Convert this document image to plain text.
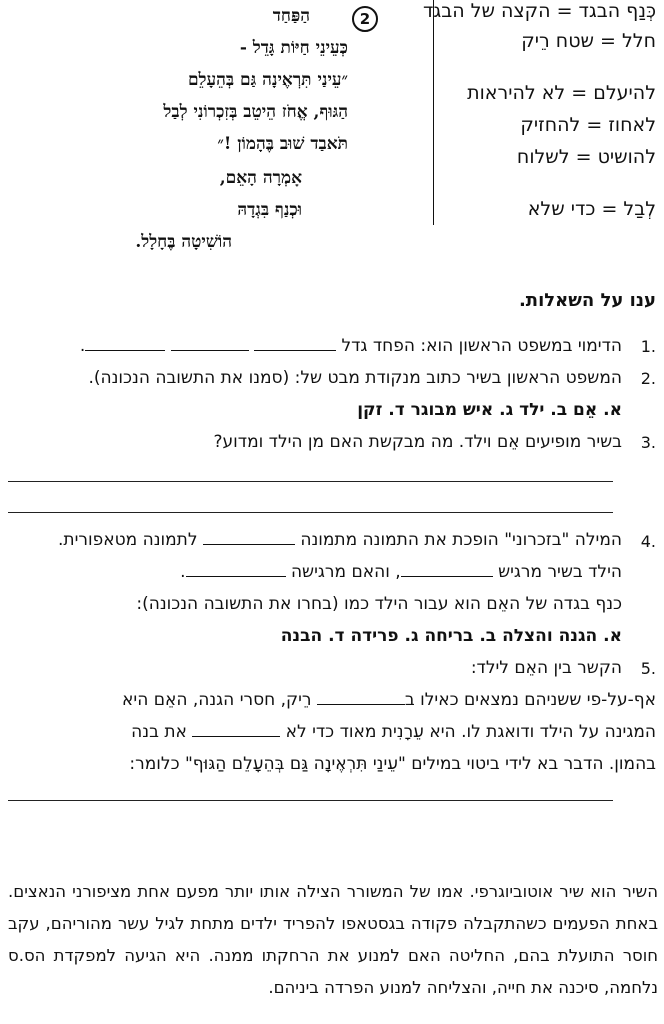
כְּנַף הבגד = הקצה של הבגד
חלל = שטח רֵיק
להיעלם = לא להיראות
לאחוז = להחזיק
להושיט = לשלוח
לְבַל = כדי שלא
2
הַפַּחַד
כְּעֵינֵי חַיּוֹת גָּדֵל -
״עֵינַי תִּרְאֶינָה גַּם בְּהֵעָלֵם
הַגּוּף, אֱחֹז הֵיטֵב בְּזִכְרוֹנִי לְבַל
תֹּאבַד שׁוּב בֶּהָמוֹן !״
אָמְרָה הָאֵם,
וּכְנַף בִּגְדָהּ
הוֹשִׁיטָה בֶּחָלָל.
ענו על השאלות.
1.
הדימוי במשפט הראשון הוא: הפחד גדל   .
2.
המשפט הראשון בשיר כתוב מנקודת מבט של: (סמנו את התשובה הנכונה).
א. אֵם ב. ילד ג. איש מבוגר ד. זקן
3.
בשיר מופיעים אֵם וילד. מה מבקשת האם מן הילד ומדוע?
4.
המילה "בזכרוני" הופכת את התמונה מתמונה  לתמונה מטאפורית.
הילד בשיר מרגיש , והאם מרגישה .
כנף בגדה של האֵם הוא עבור הילד כמו (בחרו את התשובה הנכונה):
א. הגנה והצלה ב. בריחה ג. פרידה ד. הבנה
5.
הקשר בין האֵם לילד:
אף-על-פי ששניהם נמצאים כאילו ב רֵיק, חסרי הגנה, האֵם היא
המגינה על הילד ודואגת לו. היא עֵרָנִית מאוד כדי לא  את בנה
בהמון. הדבר בא לידי ביטוי במילים "עֵינַי תִּרְאֶינָה גַּם בְּהֵעָלֵם הַגּוּף" כלומר:
השיר הוא שיר אוטוביוגרפי. אמו של המשורר הצילה אותו יותר מפעם אחת מציפורני הנאצים. באחת הפעמים כשהתקבלה פקודה בגסטאפו להפריד ילדים מתחת לגיל עשר מהוריהם, עקב חוסר התועלת בהם, החליטה האם למנוע את הרחקתו ממנה. היא הגיעה למפקדת הס.ס נלחמה, סיכנה את חייה, והצליחה למנוע הפרדה ביניהם.
